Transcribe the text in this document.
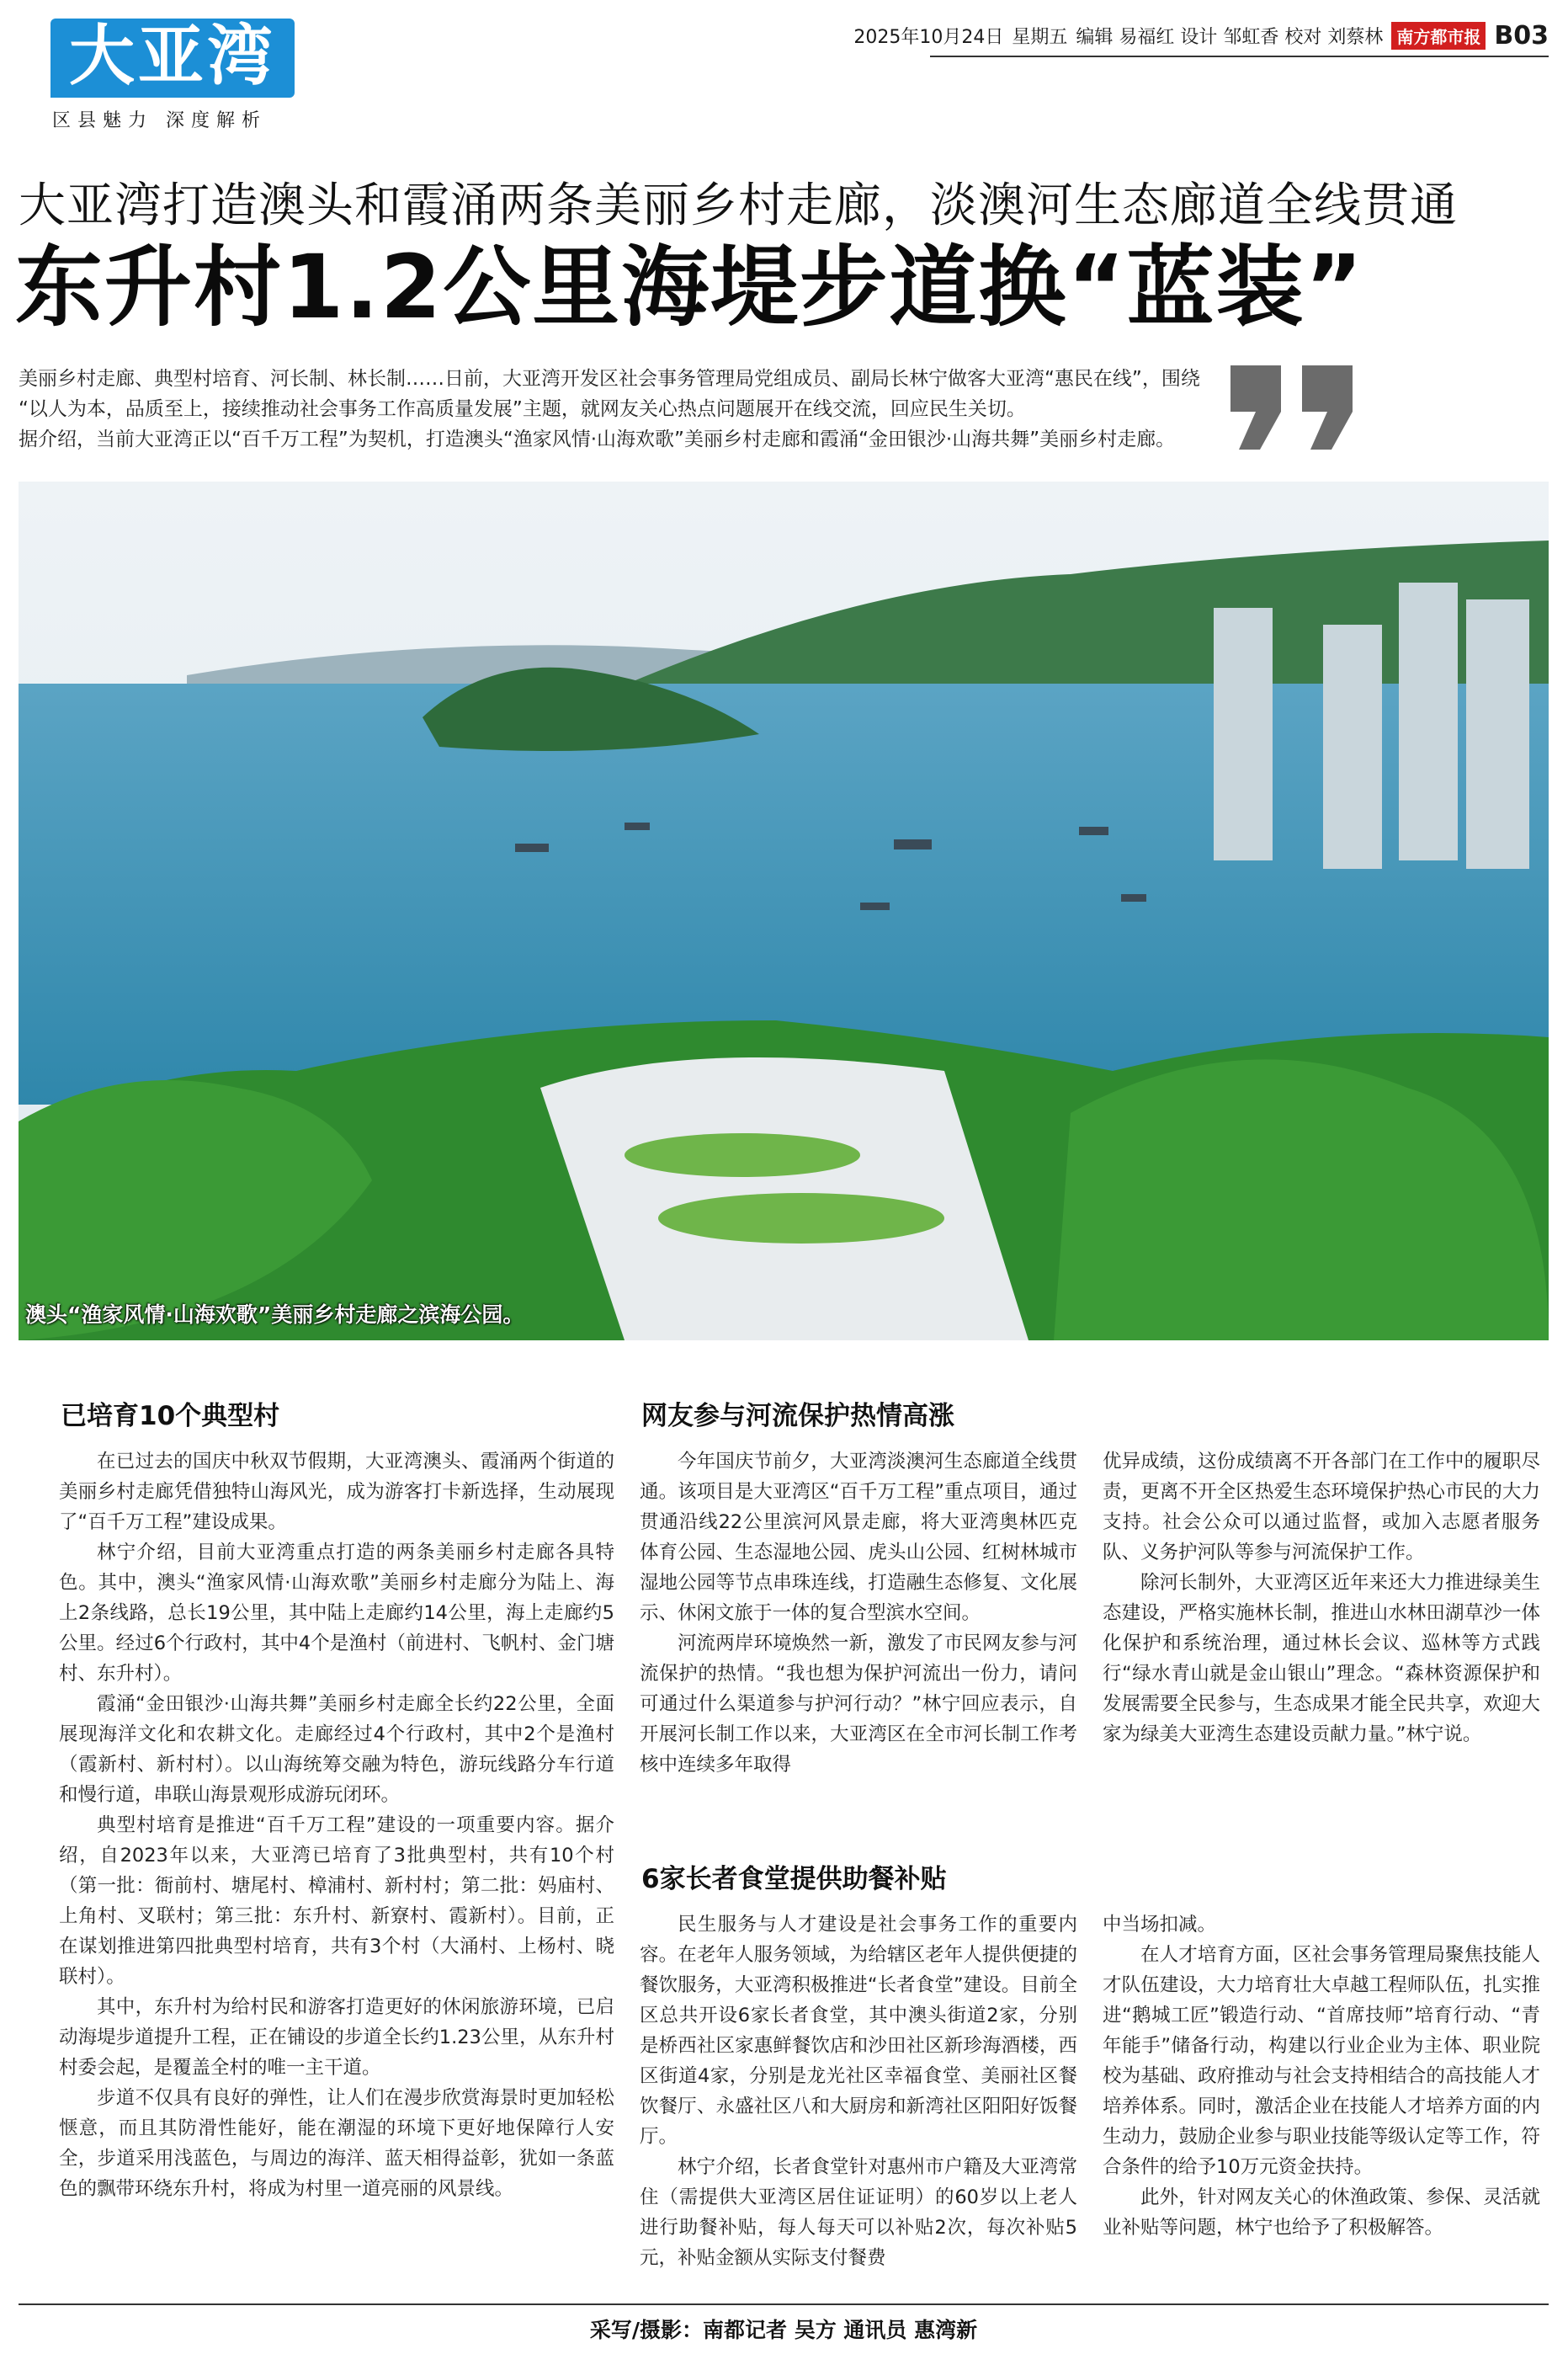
大亚湾
区县魅力 深度解析
2025年10月24日 星期五 编辑 易福红 设计 邹虹香 校对 刘蔡林 南方都市报 B03
大亚湾打造澳头和霞涌两条美丽乡村走廊，淡澳河生态廊道全线贯通
东升村1.2公里海堤步道换“蓝装”

美丽乡村走廊、典型村培育、河长制、林长制……日前，大亚湾开发区社会事务管理局党组成员、副局长林宁做客大亚湾“惠民在线”，围绕

“以人为本，品质至上，接续推动社会事务工作高质量发展”主题，就网友关心热点问题展开在线交流，回应民生关切。

据介绍，当前大亚湾正以“百千万工程”为契机，打造澳头“渔家风情·山海欢歌”美丽乡村走廊和霞涌“金田银沙·山海共舞”美丽乡村走廊。

澳头“渔家风情·山海欢歌”美丽乡村走廊之滨海公园。
已培育10个典型村

在已过去的国庆中秋双节假期，大亚湾澳头、霞涌两个街道的美丽乡村走廊凭借独特山海风光，成为游客打卡新选择，生动展现了“百千万工程”建设成果。

林宁介绍，目前大亚湾重点打造的两条美丽乡村走廊各具特色。其中，澳头“渔家风情·山海欢歌”美丽乡村走廊分为陆上、海上2条线路，总长19公里，其中陆上走廊约14公里，海上走廊约5公里。经过6个行政村，其中4个是渔村（前进村、飞帆村、金门塘村、东升村）。

霞涌“金田银沙·山海共舞”美丽乡村走廊全长约22公里，全面展现海洋文化和农耕文化。走廊经过4个行政村，其中2个是渔村（霞新村、新村村）。以山海统筹交融为特色，游玩线路分车行道和慢行道，串联山海景观形成游玩闭环。

典型村培育是推进“百千万工程”建设的一项重要内容。据介绍，自2023年以来，大亚湾已培育了3批典型村，共有10个村（第一批：衙前村、塘尾村、樟浦村、新村村；第二批：妈庙村、上角村、叉联村；第三批：东升村、新寮村、霞新村）。目前，正在谋划推进第四批典型村培育，共有3个村（大涌村、上杨村、晓联村）。

其中，东升村为给村民和游客打造更好的休闲旅游环境，已启动海堤步道提升工程，正在铺设的步道全长约1.23公里，从东升村村委会起，是覆盖全村的唯一主干道。

步道不仅具有良好的弹性，让人们在漫步欣赏海景时更加轻松惬意，而且其防滑性能好，能在潮湿的环境下更好地保障行人安全，步道采用浅蓝色，与周边的海洋、蓝天相得益彰，犹如一条蓝色的飘带环绕东升村，将成为村里一道亮丽的风景线。

网友参与河流保护热情高涨

今年国庆节前夕，大亚湾淡澳河生态廊道全线贯通。该项目是大亚湾区“百千万工程”重点项目，通过贯通沿线22公里滨河风景走廊，将大亚湾奥林匹克体育公园、生态湿地公园、虎头山公园、红树林城市湿地公园等节点串珠连线，打造融生态修复、文化展示、休闲文旅于一体的复合型滨水空间。

河流两岸环境焕然一新，激发了市民网友参与河流保护的热情。“我也想为保护河流出一份力，请问可通过什么渠道参与护河行动？”林宁回应表示，自开展河长制工作以来，大亚湾区在全市河长制工作考核中连续多年取得

优异成绩，这份成绩离不开各部门在工作中的履职尽责，更离不开全区热爱生态环境保护热心市民的大力支持。社会公众可以通过监督，或加入志愿者服务队、义务护河队等参与河流保护工作。

除河长制外，大亚湾区近年来还大力推进绿美生态建设，严格实施林长制，推进山水林田湖草沙一体化保护和系统治理，通过林长会议、巡林等方式践行“绿水青山就是金山银山”理念。“森林资源保护和发展需要全民参与，生态成果才能全民共享，欢迎大家为绿美大亚湾生态建设贡献力量。”林宁说。

6家长者食堂提供助餐补贴

民生服务与人才建设是社会事务工作的重要内容。在老年人服务领域，为给辖区老年人提供便捷的餐饮服务，大亚湾积极推进“长者食堂”建设。目前全区总共开设6家长者食堂，其中澳头街道2家，分别是桥西社区家惠鲜餐饮店和沙田社区新珍海酒楼，西区街道4家，分别是龙光社区幸福食堂、美丽社区餐饮餐厅、永盛社区八和大厨房和新湾社区阳阳好饭餐厅。

林宁介绍，长者食堂针对惠州市户籍及大亚湾常住（需提供大亚湾区居住证证明）的60岁以上老人进行助餐补贴，每人每天可以补贴2次，每次补贴5元，补贴金额从实际支付餐费

中当场扣减。

在人才培育方面，区社会事务管理局聚焦技能人才队伍建设，大力培育壮大卓越工程师队伍，扎实推进“鹅城工匠”锻造行动、“首席技师”培育行动、“青年能手”储备行动，构建以行业企业为主体、职业院校为基础、政府推动与社会支持相结合的高技能人才培养体系。同时，激活企业在技能人才培养方面的内生动力，鼓励企业参与职业技能等级认定等工作，符合条件的给予10万元资金扶持。

此外，针对网友关心的休渔政策、参保、灵活就业补贴等问题，林宁也给予了积极解答。

采写/摄影：南都记者 吴方 通讯员 惠湾新
